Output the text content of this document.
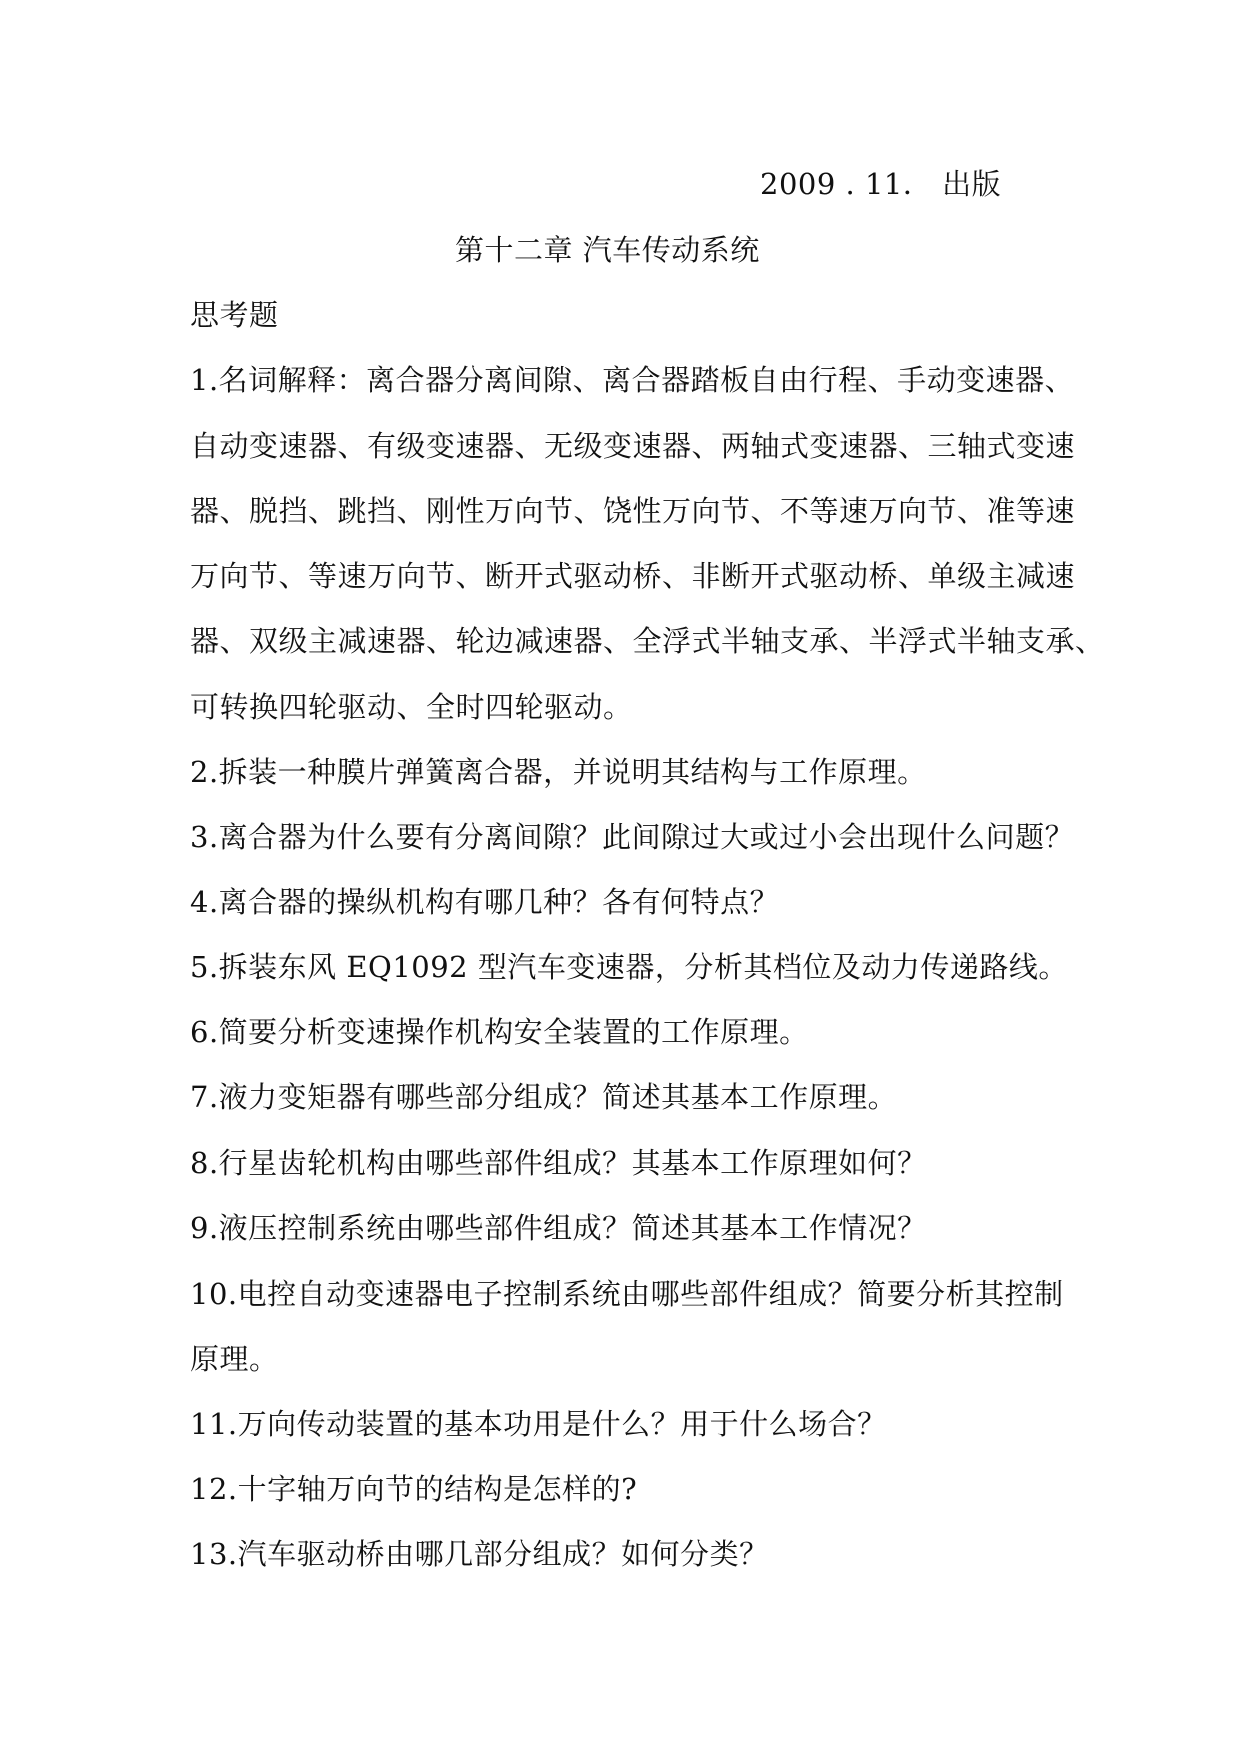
2009 . 11． 出版
第十二章 汽车传动系统
思考题
1.名词解释：离合器分离间隙、离合器踏板自由行程、手动变速器、
自动变速器、有级变速器、无级变速器、两轴式变速器、三轴式变速
器、脱挡、跳挡、刚性万向节、饶性万向节、不等速万向节、准等速
万向节、等速万向节、断开式驱动桥、非断开式驱动桥、单级主减速
器、双级主减速器、轮边减速器、全浮式半轴支承、半浮式半轴支承、
可转换四轮驱动、全时四轮驱动。
2.拆装一种膜片弹簧离合器，并说明其结构与工作原理。
3.离合器为什么要有分离间隙？此间隙过大或过小会出现什么问题？
4.离合器的操纵机构有哪几种？各有何特点？
5.拆装东风 EQ1092 型汽车变速器，分析其档位及动力传递路线。
6.简要分析变速操作机构安全装置的工作原理。
7.液力变矩器有哪些部分组成？简述其基本工作原理。
8.行星齿轮机构由哪些部件组成？其基本工作原理如何？
9.液压控制系统由哪些部件组成？简述其基本工作情况？
10.电控自动变速器电子控制系统由哪些部件组成？简要分析其控制
原理。
11.万向传动装置的基本功用是什么？用于什么场合？
12.十字轴万向节的结构是怎样的?
13.汽车驱动桥由哪几部分组成？如何分类？
